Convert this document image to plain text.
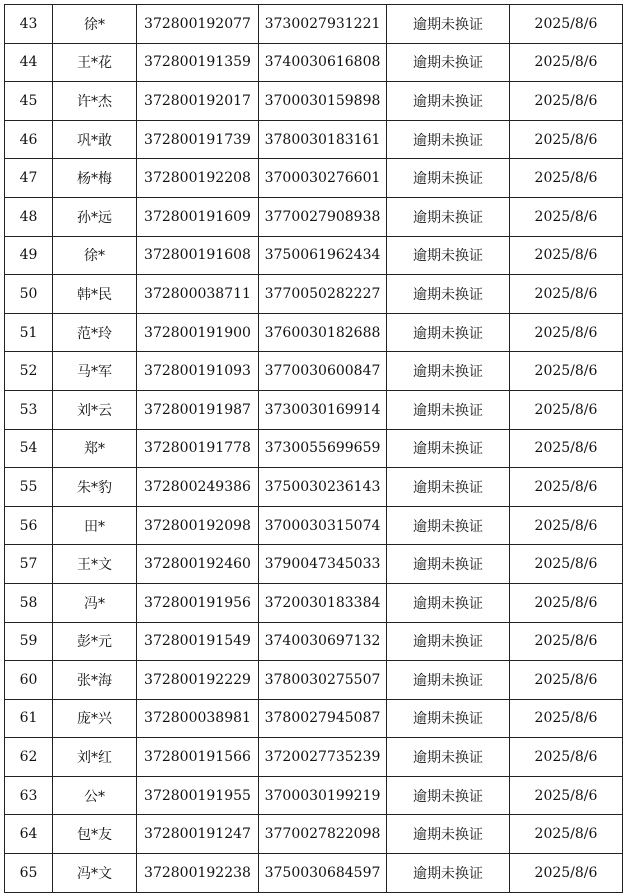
43	徐*	372800192077	3730027931221	逾期未换证	2025/8/6
44	王*花	372800191359	3740030616808	逾期未换证	2025/8/6
45	许*杰	372800192017	3700030159898	逾期未换证	2025/8/6
46	巩*敢	372800191739	3780030183161	逾期未换证	2025/8/6
47	杨*梅	372800192208	3700030276601	逾期未换证	2025/8/6
48	孙*远	372800191609	3770027908938	逾期未换证	2025/8/6
49	徐*	372800191608	3750061962434	逾期未换证	2025/8/6
50	韩*民	372800038711	3770050282227	逾期未换证	2025/8/6
51	范*玲	372800191900	3760030182688	逾期未换证	2025/8/6
52	马*军	372800191093	3770030600847	逾期未换证	2025/8/6
53	刘*云	372800191987	3730030169914	逾期未换证	2025/8/6
54	郑*	372800191778	3730055699659	逾期未换证	2025/8/6
55	朱*豹	372800249386	3750030236143	逾期未换证	2025/8/6
56	田*	372800192098	3700030315074	逾期未换证	2025/8/6
57	王*文	372800192460	3790047345033	逾期未换证	2025/8/6
58	冯*	372800191956	3720030183384	逾期未换证	2025/8/6
59	彭*元	372800191549	3740030697132	逾期未换证	2025/8/6
60	张*海	372800192229	3780030275507	逾期未换证	2025/8/6
61	庞*兴	372800038981	3780027945087	逾期未换证	2025/8/6
62	刘*红	372800191566	3720027735239	逾期未换证	2025/8/6
63	公*	372800191955	3700030199219	逾期未换证	2025/8/6
64	包*友	372800191247	3770027822098	逾期未换证	2025/8/6
65	冯*文	372800192238	3750030684597	逾期未换证	2025/8/6
